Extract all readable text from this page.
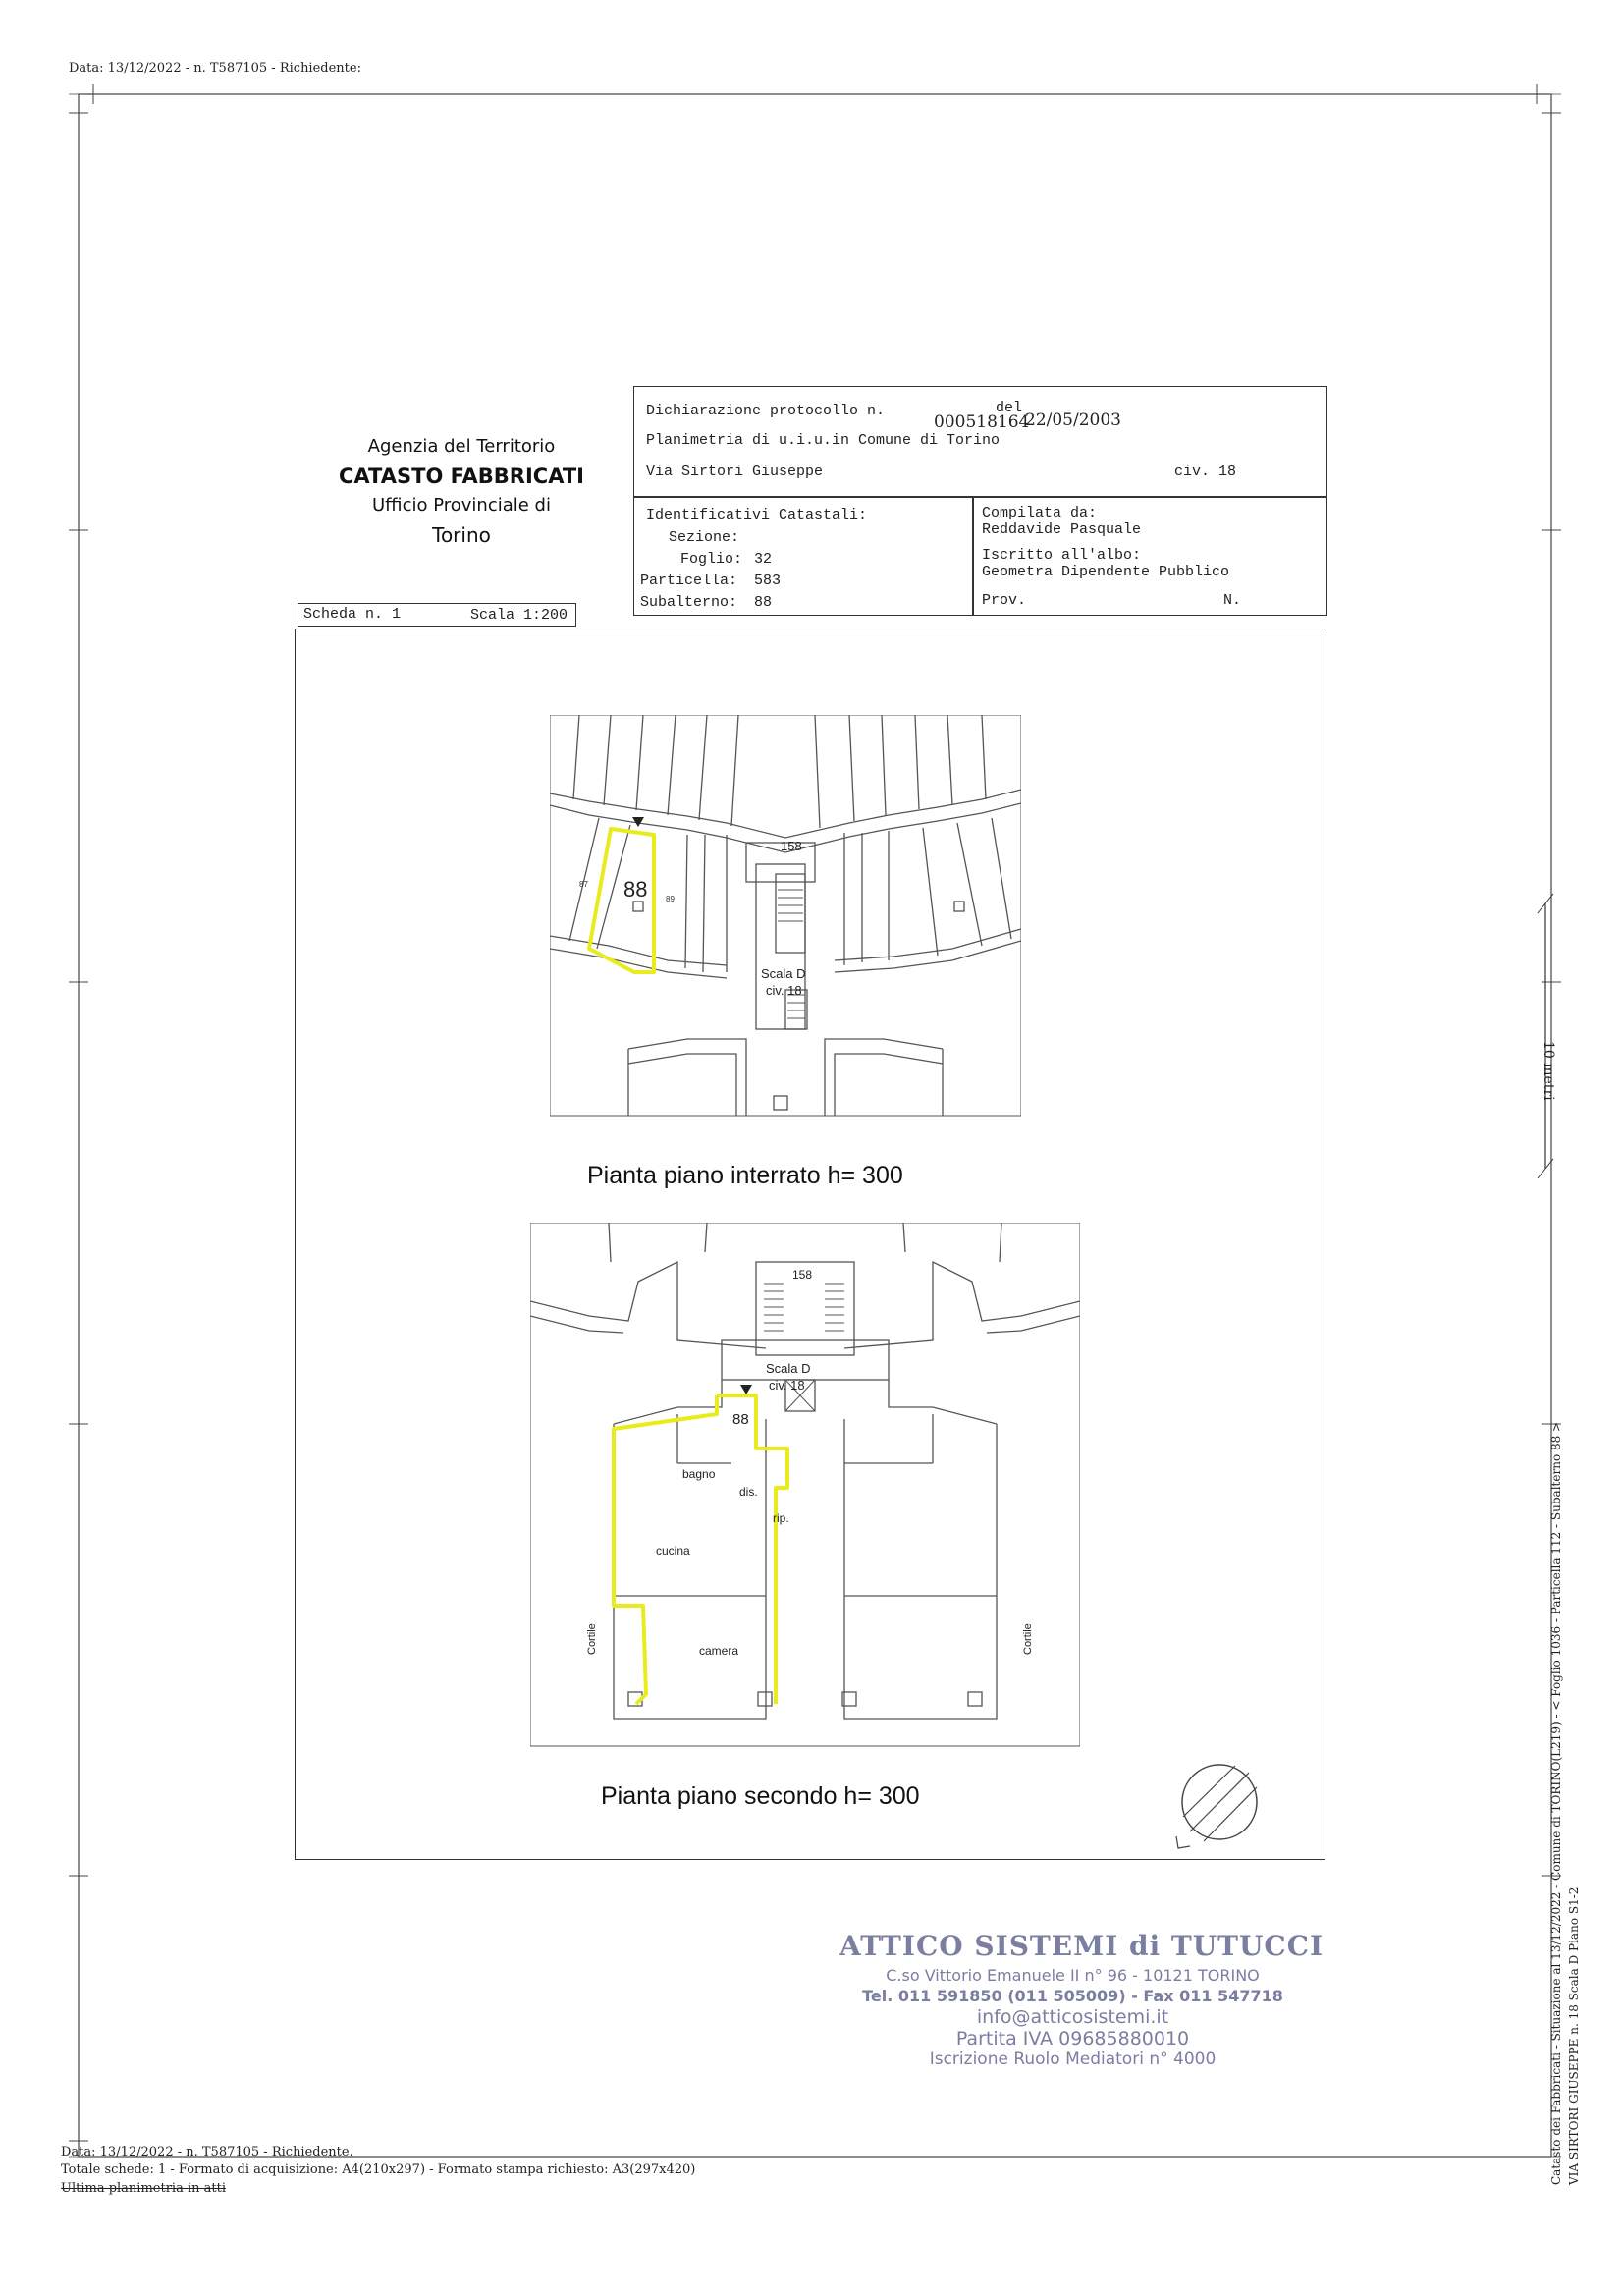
Data: 13/12/2022 - n. T587105 - Richiedente:
Agenzia del Territorio
CATASTO FABBRICATI
Ufficio Provinciale di
Torino
Dichiarazione protocollo n.
000518164
del
22/05/2003
Planimetria di u.i.u.in Comune di Torino
Via Sirtori Giuseppe	civ. 18
Identificativi Catastali:
Sezione:
Foglio: 32
Particella: 583
Subalterno: 88
Compilata da:
Reddavide Pasquale
Iscritto all'albo:
Geometra Dipendente Pubblico
Prov.	N.
Scheda n. 1	Scala 1:200
88
87
89
158
Scala D
civ. 18
Pianta piano interrato h= 300
158
Scala D
civ. 18
88
bagno
dis.
rip.
cucina
camera
Cortile	Cortile
Pianta piano secondo h= 300
10 metri
ATTICO SISTEMI di TUTUCCI
C.so Vittorio Emanuele II n° 96 - 10121 TORINO
Tel. 011 591850 (011 505009) - Fax 011 547718
info@atticosistemi.it
Partita IVA 09685880010
Iscrizione Ruolo Mediatori n° 4000
Data: 13/12/2022 - n. T587105 - Richiedente.
Totale schede: 1 - Formato di acquisizione: A4(210x297) - Formato stampa richiesto: A3(297x420)
Ultima planimetria in atti
Catasto dei Fabbricati - Situazione al 13/12/2022 - Comune di TORINO(L219) - < Foglio 1036 - Particella 112 - Subalterno 88 > VIA SIRTORI GIUSEPPE n. 18 Scala D Piano S1-2
